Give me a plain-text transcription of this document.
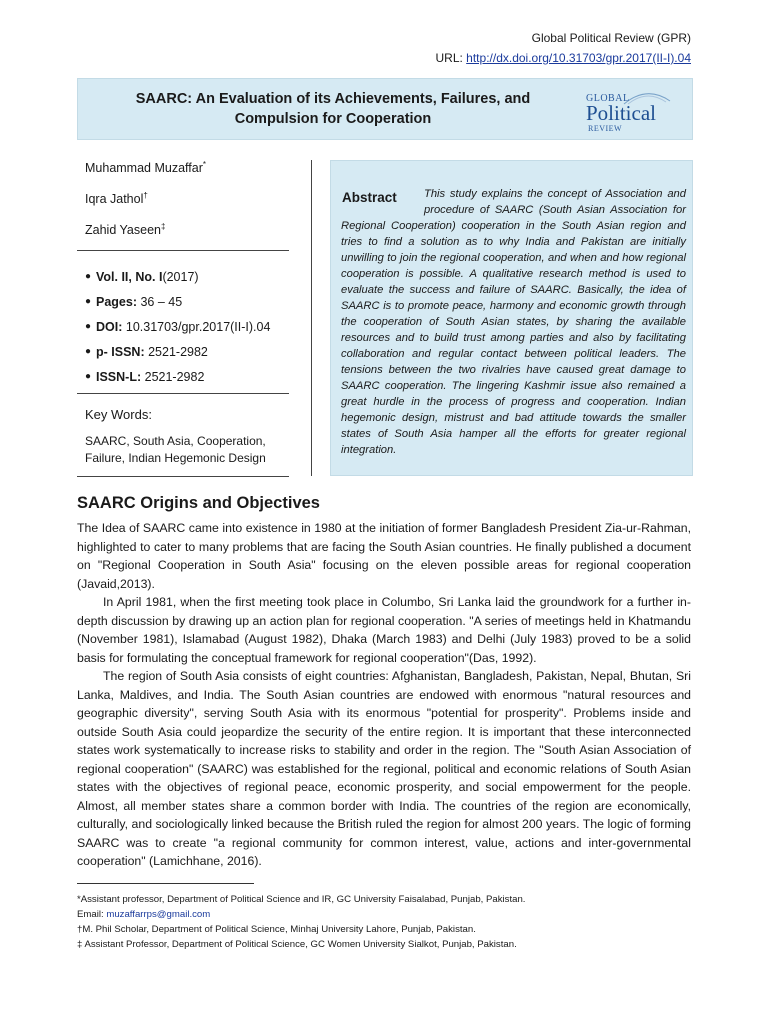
Global Political Review (GPR)
URL: http://dx.doi.org/10.31703/gpr.2017(II-I).04
SAARC: An Evaluation of its Achievements, Failures, and Compulsion for Cooperation
GLOBAL
Political
REVIEW
Muhammad Muzaffar*
Iqra Jathol†
Zahid Yaseen‡
● Vol. II, No. I (2017)
● Pages:
36 – 45
● DOI:
10.31703/gpr.2017(II-I).04
● p- ISSN:
2521-2982
● ISSN-L:
2521-2982
Key Words:
SAARC, South Asia, Cooperation, Failure, Indian Hegemonic Design
Abstract	This study explains the concept of Association and procedure of SAARC (South Asian Association for Regional Cooperation) cooperation in the South Asian region and tries to find a solution as to why India and Pakistan are initially unwilling to join the regional cooperation, and when and how regional cooperation is possible. A qualitative research method is used to evaluate the success and failure of SAARC. Basically, the idea of SAARC is to promote peace, harmony and economic growth through the cooperation of South Asian states, by sharing the available resources and to build trust among parties and also by facilitating collaboration and regular contact between political leaders. The tensions between the two rivalries have caused great damage to SAARC cooperation. The lingering Kashmir issue also remained a great hurdle in the process of progress and cooperation. Indian hegemonic design, mistrust and bad attitude towards the smaller states of South Asia hamper all the efforts for greater regional integration.
SAARC Origins and Objectives

The Idea of SAARC came into existence in 1980 at the initiation of former Bangladesh President Zia-ur-Rahman, highlighted to cater to many problems that are facing the South Asian countries. He finally published a document on "Regional Cooperation in South Asia" focusing on the eleven possible areas for regional cooperation (Javaid,2013).

In April 1981, when the first meeting took place in Columbo, Sri Lanka laid the groundwork for a further in-depth discussion by drawing up an action plan for regional cooperation. "A series of meetings held in Khatmandu (November 1981), Islamabad (August 1982), Dhaka (March 1983) and Delhi (July 1983) proved to be a solid basis for formulating the conceptual framework for regional cooperation"(Das, 1992).

The region of South Asia consists of eight countries: Afghanistan, Bangladesh, Pakistan, Nepal, Bhutan, Sri Lanka, Maldives, and India. The South Asian countries are endowed with enormous "natural resources and geographic diversity", serving South Asia with its enormous "potential for prosperity". Problems inside and outside South Asia could jeopardize the security of the entire region. It is important that these interconnected states work systematically to increase risks to stability and order in the region. The "South Asian Association of regional cooperation" (SAARC) was established for the regional, political and economic relations of South Asian states with the objectives of regional peace, economic prosperity, and social empowerment for the people. Almost, all member states share a common border with India. The countries of the region are economically, culturally, and sociologically linked because the British ruled the region for almost 200 years. The logic of forming SAARC was to create "a regional community for common interest, value, actions and inter-governmental cooperation" (Lamichhane, 2016).

*Assistant professor, Department of Political Science and IR, GC University Faisalabad, Punjab, Pakistan.
Email: muzaffarrps@gmail.com
†M. Phil Scholar, Department of Political Science, Minhaj University Lahore, Punjab, Pakistan.
‡ Assistant Professor, Department of Political Science, GC Women University Sialkot, Punjab, Pakistan.
